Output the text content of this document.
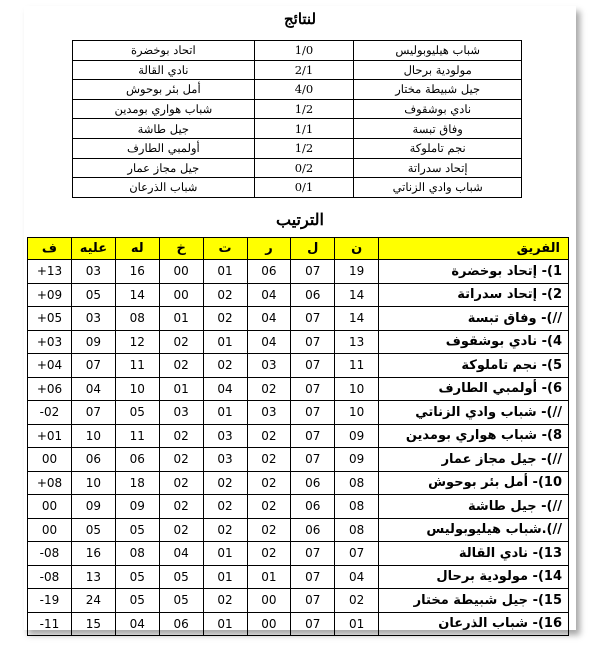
لنتائج
شباب هيليوبوليس	1/0	اتحاد بوخضرة
مولودية برحال	2/1	نادي القالة
جيل شبيطة مختار	4/0	أمل بئر بوحوش
نادي بوشقوف	1/2	شباب هواري بومدين
وفاق تبسة	1/1	جيل طاشة
نجم تاملوكة	1/2	أولمبي الطارف
إتحاد سدراتة	0/2	جيل مجاز عمار
شباب وادي الزناتي	0/1	شباب الذرعان
الترتيب
الفريق	ن	ل	ر	ت	خ	له	عليه	ف
1)- إتحاد بوخضرة	19	07	06	01	00	16	03	+13
2)- إتحاد سدراتة	14	06	04	02	00	14	05	+09
//)- وفاق تبسة	14	07	04	02	01	08	03	+05
4)- نادي بوشقوف	13	07	04	01	02	12	09	+03
5)- نجم تاملوكة	11	07	03	02	02	11	07	+04
6)- أولمبي الطارف	10	07	02	04	01	10	04	+06
//)- شباب وادي الزناتي	10	07	03	01	03	05	07	-02
8)- شباب هواري بومدين	09	07	02	03	02	11	10	+01
//)- جيل مجاز عمار	09	07	02	03	02	06	06	00
10)- أمل بئر بوحوش	08	06	02	02	02	18	10	+08
//)- جيل طاشة	08	06	02	02	02	09	09	00
//).شباب هيليوبوليس	08	06	02	02	02	05	05	00
13)- نادي القالة	07	07	02	01	04	08	16	-08
14)- مولودية برحال	04	07	01	01	05	05	13	-08
15)- جيل شبيطة مختار	02	07	00	02	05	05	24	-19
16)- شباب الذرعان	01	07	00	01	06	04	15	-11
